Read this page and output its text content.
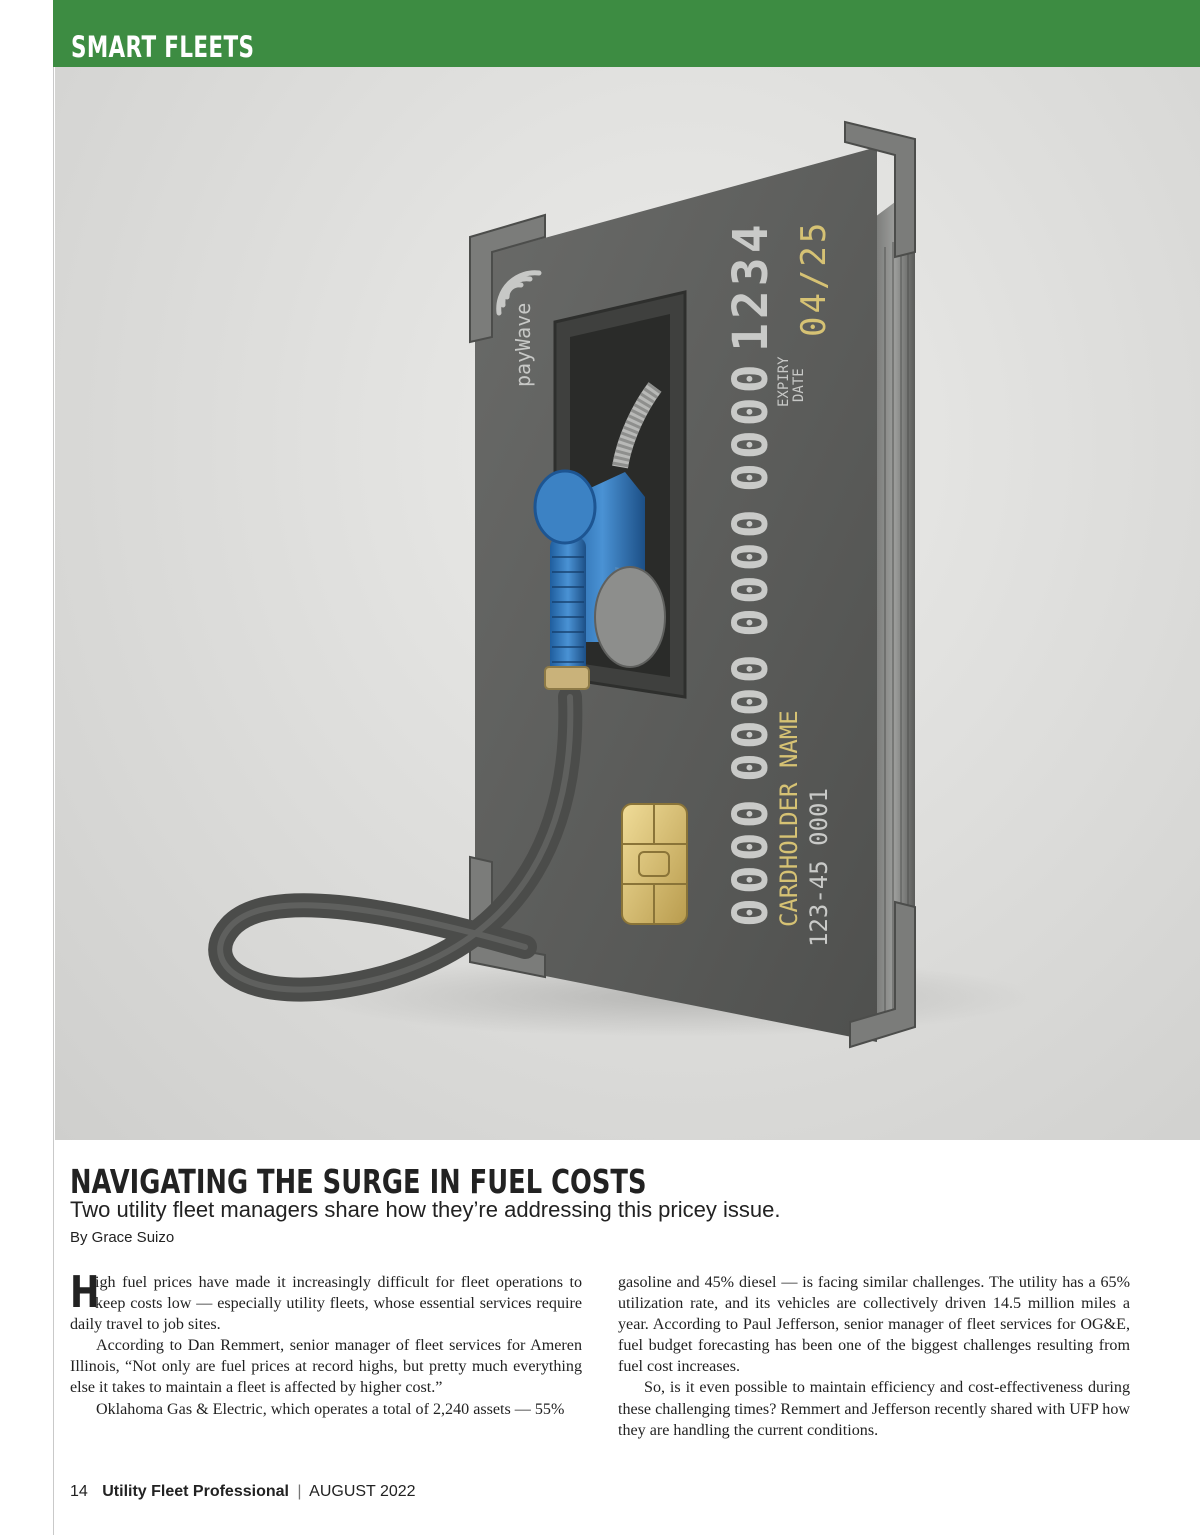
SMART FLEETS
payWave
0000
0000
0000
0000
1234
EXPIRY DATE
04/25
CARDHOLDER NAME 123-45 0001
NAVIGATING THE SURGE IN FUEL COSTS
Two utility fleet managers share how they’re addressing this pricey issue.
By Grace Suizo

H
igh fuel prices have made it increasingly difficult for fleet operations to keep costs low — especially utility fleets, whose essential services require daily travel to job sites.

According to Dan Remmert, senior manager of fleet services for Ameren Illinois, “Not only are fuel prices at record highs, but pretty much everything else it takes to maintain a fleet is affected by higher cost.”

Oklahoma Gas & Electric, which operates a total of 2,240 assets — 55%

gasoline and 45% diesel — is facing similar challenges. The utility has a 65% utilization rate, and its vehicles are collectively driven 14.5 million miles a year. According to Paul Jefferson, senior manager of fleet services for OG&E, fuel budget forecasting has been one of the biggest challenges resulting from fuel cost increases.

So, is it even possible to maintain efficiency and cost-effectiveness during these challenging times? Remmert and Jefferson recently shared with UFP how they are handling the current conditions.

14 Utility Fleet Professional | AUGUST 2022
